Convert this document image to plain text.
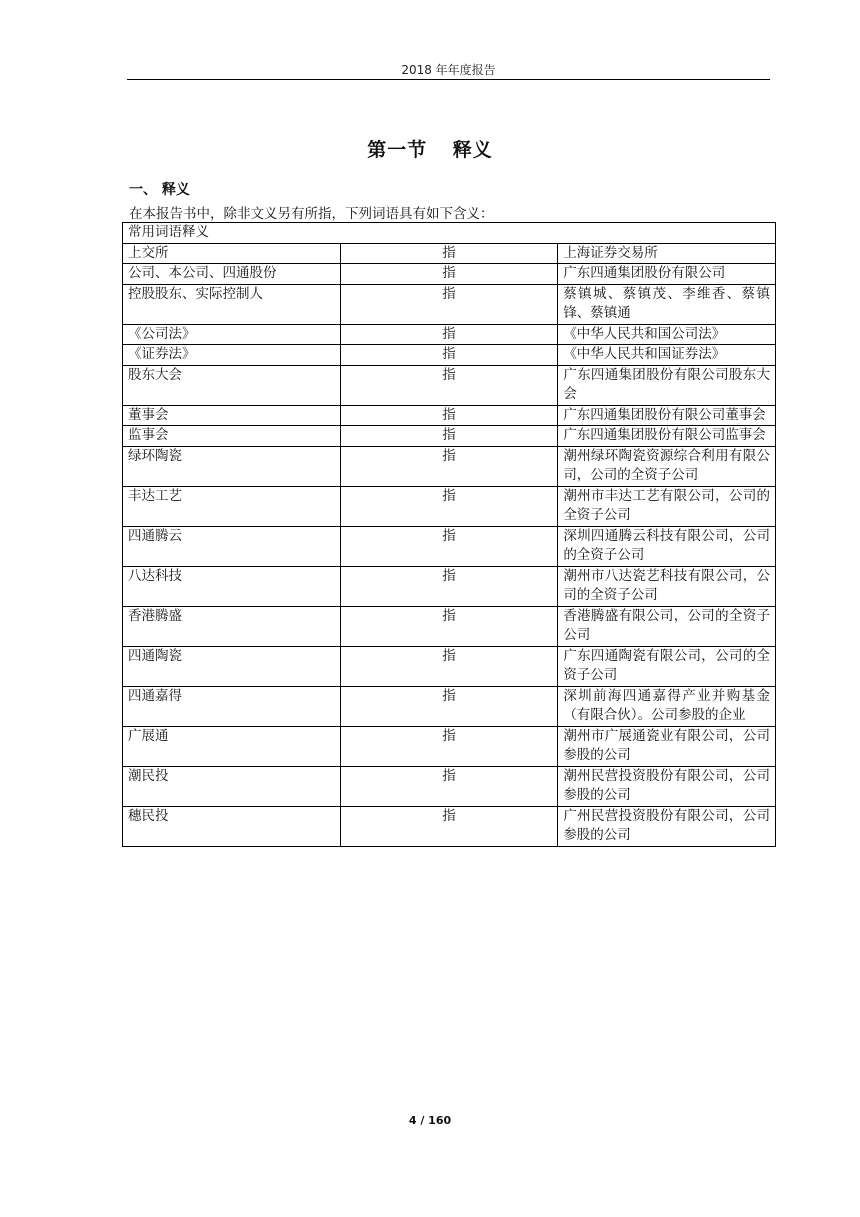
2018 年年度报告
第一节 释义
一、 释义
在本报告书中，除非文义另有所指，下列词语具有如下含义：
常用词语释义		
上交所	指	上海证券交易所
公司、本公司、四通股份	指	广东四通集团股份有限公司
控股股东、实际控制人	指	蔡镇城、蔡镇茂、李维香、蔡镇锋、蔡镇通
《公司法》	指	《中华人民共和国公司法》
《证券法》	指	《中华人民共和国证券法》
股东大会	指	广东四通集团股份有限公司股东大会
董事会	指	广东四通集团股份有限公司董事会
监事会	指	广东四通集团股份有限公司监事会
绿环陶瓷	指	潮州绿环陶瓷资源综合利用有限公司，公司的全资子公司
丰达工艺	指	潮州市丰达工艺有限公司，公司的全资子公司
四通腾云	指	深圳四通腾云科技有限公司，公司的全资子公司
八达科技	指	潮州市八达瓷艺科技有限公司，公司的全资子公司
香港腾盛	指	香港腾盛有限公司，公司的全资子公司
四通陶瓷	指	广东四通陶瓷有限公司，公司的全资子公司
四通嘉得	指	深圳前海四通嘉得产业并购基金（有限合伙）。公司参股的企业
广展通	指	潮州市广展通瓷业有限公司，公司参股的公司
潮民投	指	潮州民营投资股份有限公司，公司参股的公司
穗民投	指	广州民营投资股份有限公司，公司参股的公司
4 / 160
